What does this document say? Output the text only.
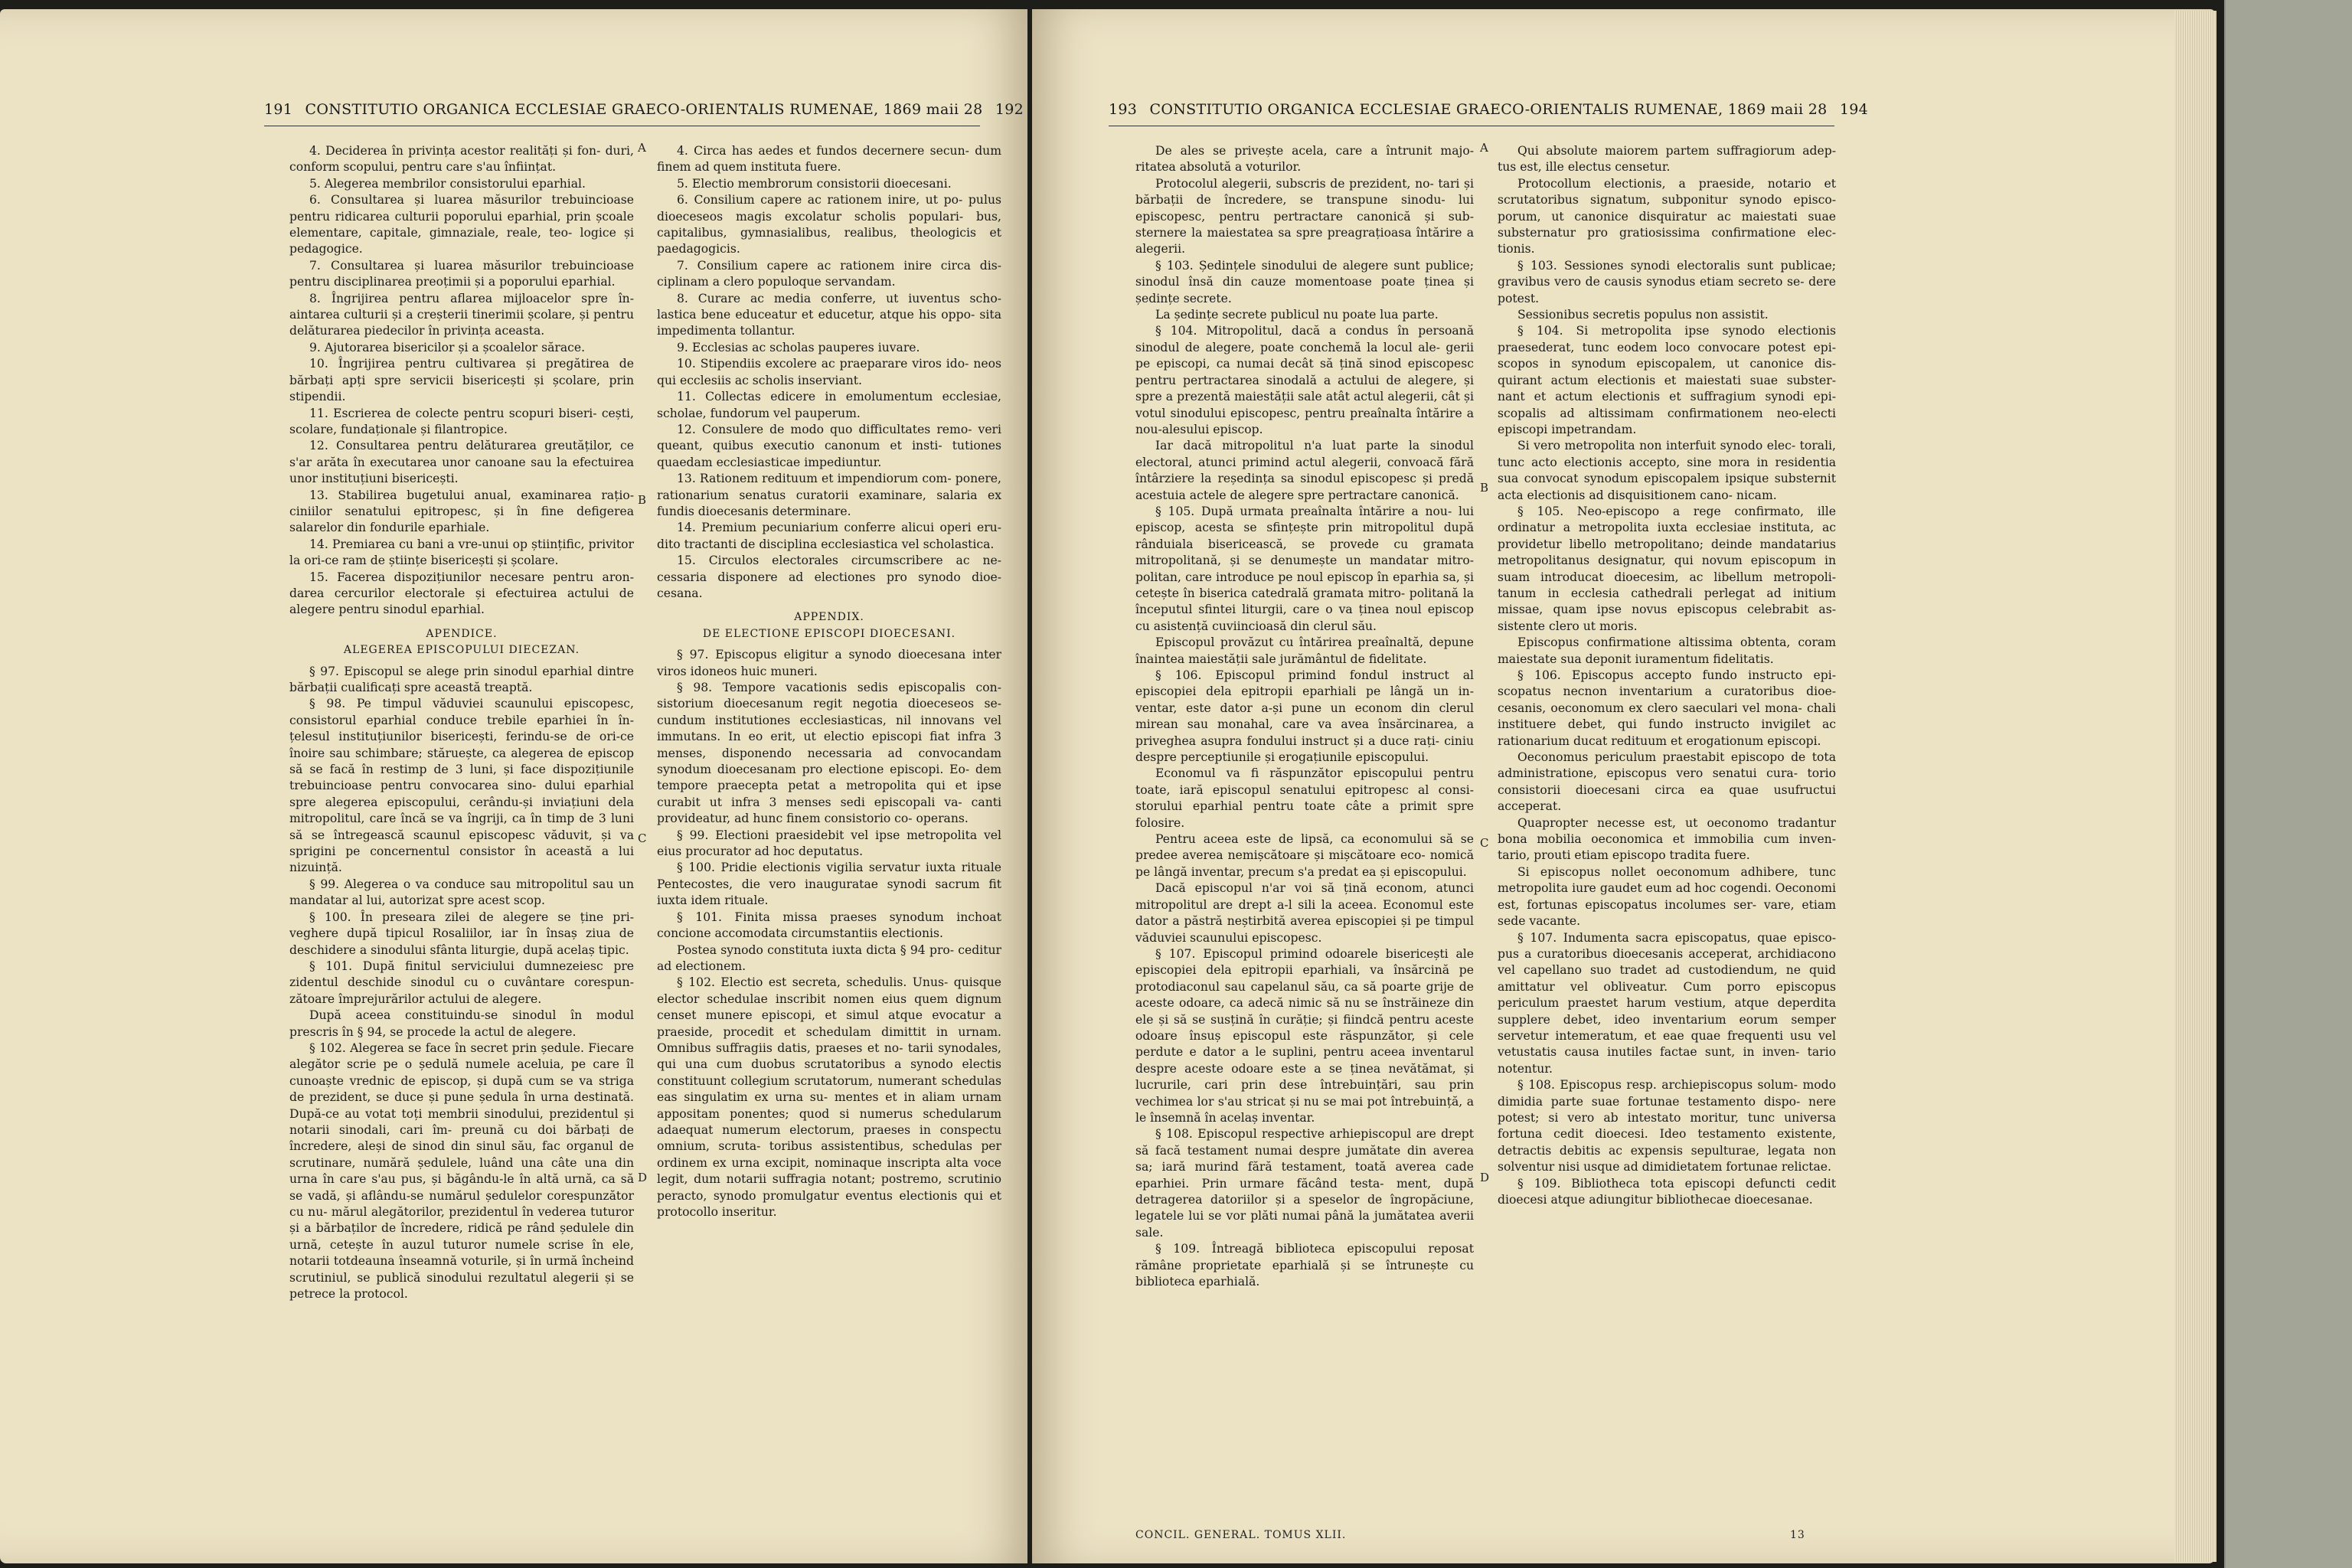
191 CONSTITUTIO ORGANICA ECCLESIAE GRAECO-ORIENTALIS RUMENAE, 1869 maii 28 192

4. Deciderea în privința acestor realități și fon- duri, conform scopului, pentru care s'au înființat.

5. Alegerea membrilor consistorului eparhial.

6. Consultarea și luarea măsurilor trebuincioase pentru ridicarea culturii poporului eparhial, prin școale elementare, capitale, gimnaziale, reale, teo- logice și pedagogice.

7. Consultarea și luarea măsurilor trebuincioase pentru disciplinarea preoțimii și a poporului eparhial.

8. Îngrijirea pentru aflarea mijloacelor spre în- aintarea culturii și a creșterii tinerimii școlare, și pentru delăturarea piedecilor în privința aceasta.

9. Ajutorarea bisericilor și a școalelor sărace.

10. Îngrijirea pentru cultivarea și pregătirea de bărbați apți spre servicii bisericești și școlare, prin stipendii.

11. Escrierea de colecte pentru scopuri biseri- cești, scolare, fundaționale și filantropice.

12. Consultarea pentru delăturarea greutăților, ce s'ar arăta în executarea unor canoane sau la efectuirea unor instituțiuni bisericești.

13. Stabilirea bugetului anual, examinarea rațio- ciniilor senatului epitropesc, și în fine defigerea salarelor din fondurile eparhiale.

14. Premiarea cu bani a vre-unui op științific, privitor la ori-ce ram de științe bisericești și școlare.

15. Facerea dispozițiunilor necesare pentru aron- darea cercurilor electorale și efectuirea actului de alegere pentru sinodul eparhial.

APENDICE.

ALEGEREA EPISCOPULUI DIECEZAN.

§ 97. Episcopul se alege prin sinodul eparhial dintre bărbații cualificați spre această treaptă.

§ 98. Pe timpul văduviei scaunului episcopesc, consistorul eparhial conduce trebile eparhiei în în- țelesul instituțiunilor bisericești, ferindu-se de ori-ce înoire sau schimbare; stăruește, ca alegerea de episcop să se facă în restimp de 3 luni, și face dispozițiunile trebuincioase pentru convocarea sino- dului eparhial spre alegerea episcopului, cerându-și inviațiuni dela mitropolitul, care încă se va îngriji, ca în timp de 3 luni să se întregească scaunul episcopesc văduvit, și va sprigini pe concernentul consistor în această a lui nizuință.

§ 99. Alegerea o va conduce sau mitropolitul sau un mandatar al lui, autorizat spre acest scop.

§ 100. În preseara zilei de alegere se ține pri- veghere după tipicul Rosaliilor, iar în însaș ziua de deschidere a sinodului sfânta liturgie, după acelaș tipic.

§ 101. După finitul serviciului dumnezeiesc pre zidentul deschide sinodul cu o cuvântare corespun- zătoare împrejurărilor actului de alegere.

După aceea constituindu-se sinodul în modul prescris în § 94, se procede la actul de alegere.

§ 102. Alegerea se face în secret prin ședule. Fiecare alegător scrie pe o ședulă numele aceluia, pe care îl cunoaște vrednic de episcop, și după cum se va striga de prezident, se duce și pune ședula în urna destinată. După-ce au votat toți membrii sinodului, prezidentul și notarii sinodali, cari îm- preună cu doi bărbați de încredere, aleși de sinod din sinul său, fac organul de scrutinare, numără ședulele, luând una câte una din urna în care s'au pus, și băgându-le în altă urnă, ca să se vadă, și aflându-se numărul ședulelor corespunzător cu nu- mărul alegătorilor, prezidentul în vederea tuturor și a bărbaților de încredere, ridică pe rând ședulele din urnă, cetește în auzul tuturor numele scrise în ele, notarii totdeauna înseamnă voturile, și în urmă încheind scrutiniul, se publică sinodului rezultatul alegerii și se petrece la protocol.

4. Circa has aedes et fundos decernere secun- dum finem ad quem instituta fuere.

5. Electio membrorum consistorii dioecesani.

6. Consilium capere ac rationem inire, ut po- pulus dioeceseos magis excolatur scholis populari- bus, capitalibus, gymnasialibus, realibus, theologicis et paedagogicis.

7. Consilium capere ac rationem inire circa dis- ciplinam a clero populoque servandam.

8. Curare ac media conferre, ut iuventus scho- lastica bene educeatur et educetur, atque his oppo- sita impedimenta tollantur.

9. Ecclesias ac scholas pauperes iuvare.

10. Stipendiis excolere ac praeparare viros ido- neos qui ecclesiis ac scholis inserviant.

11. Collectas edicere in emolumentum ecclesiae, scholae, fundorum vel pauperum.

12. Consulere de modo quo difficultates remo- veri queant, quibus executio canonum et insti- tutiones quaedam ecclesiasticae impediuntur.

13. Rationem redituum et impendiorum com- ponere, rationarium senatus curatorii examinare, salaria ex fundis dioecesanis determinare.

14. Premium pecuniarium conferre alicui operi eru- dito tractanti de disciplina ecclesiastica vel scholastica.

15. Circulos electorales circumscribere ac ne- cessaria disponere ad electiones pro synodo dioe- cesana.

APPENDIX.

DE ELECTIONE EPISCOPI DIOECESANI.

§ 97. Episcopus eligitur a synodo dioecesana inter viros idoneos huic muneri.

§ 98. Tempore vacationis sedis episcopalis con- sistorium dioecesanum regit negotia dioeceseos se- cundum institutiones ecclesiasticas, nil innovans vel immutans. In eo erit, ut electio episcopi fiat infra 3 menses, disponendo necessaria ad convocandam synodum dioecesanam pro electione episcopi. Eo- dem tempore praecepta petat a metropolita qui et ipse curabit ut infra 3 menses sedi episcopali va- canti provideatur, ad hunc finem consistorio co- operans.

§ 99. Electioni praesidebit vel ipse metropolita vel eius procurator ad hoc deputatus.

§ 100. Pridie electionis vigilia servatur iuxta rituale Pentecostes, die vero inauguratae synodi sacrum fit iuxta idem rituale.

§ 101. Finita missa praeses synodum inchoat concione accomodata circumstantiis electionis.

Postea synodo constituta iuxta dicta § 94 pro- ceditur ad electionem.

§ 102. Electio est secreta, schedulis. Unus- quisque elector schedulae inscribit nomen eius quem dignum censet munere episcopi, et simul atque evocatur a praeside, procedit et schedulam dimittit in urnam. Omnibus suffragiis datis, praeses et no- tarii synodales, qui una cum duobus scrutatoribus a synodo electis constituunt collegium scrutatorum, numerant schedulas eas singulatim ex urna su- mentes et in aliam urnam appositam ponentes; quod si numerus schedularum adaequat numerum electorum, praeses in conspectu omnium, scruta- toribus assistentibus, schedulas per ordinem ex urna excipit, nominaque inscripta alta voce legit, dum notarii suffragia notant; postremo, scrutinio peracto, synodo promulgatur eventus electionis qui et protocollo inseritur.

A
B
C
D
193 CONSTITUTIO ORGANICA ECCLESIAE GRAECO-ORIENTALIS RUMENAE, 1869 maii 28 194

De ales se privește acela, care a întrunit majo- ritatea absolută a voturilor.

Protocolul alegerii, subscris de prezident, no- tari și bărbații de încredere, se transpune sinodu- lui episcopesc, pentru pertractare canonică și sub- sternere la maiestatea sa spre preagrațioasa întărire a alegerii.

§ 103. Ședințele sinodului de alegere sunt publice; sinodul însă din cauze momentoase poate ținea și ședințe secrete.

La ședințe secrete publicul nu poate lua parte.

§ 104. Mitropolitul, dacă a condus în persoană sinodul de alegere, poate conchemă la locul ale- gerii pe episcopi, ca numai decât să țină sinod episcopesc pentru pertractarea sinodală a actului de alegere, și spre a prezentă maiestății sale atât actul alegerii, cât și votul sinodului episcopesc, pentru preaînalta întărire a nou-alesului episcop.

Iar dacă mitropolitul n'a luat parte la sinodul electoral, atunci primind actul alegerii, convoacă fără întârziere la reședința sa sinodul episcopesc și predă acestuia actele de alegere spre pertractare canonică.

§ 105. După urmata preaînalta întărire a nou- lui episcop, acesta se sfințește prin mitropolitul după rânduiala bisericească, se provede cu gramata mitropolitană, și se denumește un mandatar mitro- politan, care introduce pe noul episcop în eparhia sa, și cetește în biserica catedrală gramata mitro- politană la începutul sfintei liturgii, care o va ținea noul episcop cu asistență cuviincioasă din clerul său.

Episcopul provăzut cu întărirea preaînaltă, depune înaintea maiestății sale jurământul de fidelitate.

§ 106. Episcopul primind fondul instruct al episcopiei dela epitropii eparhiali pe lângă un in- ventar, este dator a-și pune un econom din clerul mirean sau monahal, care va avea însărcinarea, a priveghea asupra fondului instruct și a duce rați- ciniu despre perceptiunile și erogațiunile episcopului.

Economul va fi răspunzător episcopului pentru toate, iară episcopul senatului epitropesc al consi- storului eparhial pentru toate câte a primit spre folosire.

Pentru aceea este de lipsă, ca economului să se predee averea nemișcătoare și mișcătoare eco- nomică pe lângă inventar, precum s'a predat ea și episcopului.

Dacă episcopul n'ar voi să țină econom, atunci mitropolitul are drept a-l sili la aceea. Economul este dator a păstră neștirbită averea episcopiei și pe timpul văduviei scaunului episcopesc.

§ 107. Episcopul primind odoarele bisericești ale episcopiei dela epitropii eparhiali, va însărcină pe protodiaconul sau capelanul său, ca să poarte grije de aceste odoare, ca adecă nimic să nu se înstrăineze din ele și să se susțină în curăție; și fiindcă pentru aceste odoare însuș episcopul este răspunzător, și cele perdute e dator a le suplini, pentru aceea inventarul despre aceste odoare este a se ținea nevătămat, și lucrurile, cari prin dese întrebuințări, sau prin vechimea lor s'au stricat și nu se mai pot întrebuință, a le însemnă în acelaș inventar.

§ 108. Episcopul respective arhiepiscopul are drept să facă testament numai despre jumătate din averea sa; iară murind fără testament, toată averea cade eparhiei. Prin urmare făcând testa- ment, după detragerea datoriilor și a speselor de îngropăciune, legatele lui se vor plăti numai până la jumătatea averii sale.

§ 109. Întreagă biblioteca episcopului reposat rămâne proprietate eparhială și se întrunește cu biblioteca eparhială.

Qui absolute maiorem partem suffragiorum adep- tus est, ille electus censetur.

Protocollum electionis, a praeside, notario et scrutatoribus signatum, subponitur synodo episco- porum, ut canonice disquiratur ac maiestati suae substernatur pro gratiosissima confirmatione elec- tionis.

§ 103. Sessiones synodi electoralis sunt publicae; gravibus vero de causis synodus etiam secreto se- dere potest.

Sessionibus secretis populus non assistit.

§ 104. Si metropolita ipse synodo electionis praesederat, tunc eodem loco convocare potest epi- scopos in synodum episcopalem, ut canonice dis- quirant actum electionis et maiestati suae subster- nant et actum electionis et suffragium synodi epi- scopalis ad altissimam confirmationem neo-electi episcopi impetrandam.

Si vero metropolita non interfuit synodo elec- torali, tunc acto electionis accepto, sine mora in residentia sua convocat synodum episcopalem ipsique substernit acta electionis ad disquisitionem cano- nicam.

§ 105. Neo-episcopo a rege confirmato, ille ordinatur a metropolita iuxta ecclesiae instituta, ac providetur libello metropolitano; deinde mandatarius metropolitanus designatur, qui novum episcopum in suam introducat dioecesim, ac libellum metropoli- tanum in ecclesia cathedrali perlegat ad initium missae, quam ipse novus episcopus celebrabit as- sistente clero ut moris.

Episcopus confirmatione altissima obtenta, coram maiestate sua deponit iuramentum fidelitatis.

§ 106. Episcopus accepto fundo instructo epi- scopatus necnon inventarium a curatoribus dioe- cesanis, oeconomum ex clero saeculari vel mona- chali instituere debet, qui fundo instructo invigilet ac rationarium ducat redituum et erogationum episcopi.

Oeconomus periculum praestabit episcopo de tota administratione, episcopus vero senatui cura- torio consistorii dioecesani circa ea quae usufructui acceperat.

Quapropter necesse est, ut oeconomo tradantur bona mobilia oeconomica et immobilia cum inven- tario, prouti etiam episcopo tradita fuere.

Si episcopus nollet oeconomum adhibere, tunc metropolita iure gaudet eum ad hoc cogendi. Oeconomi est, fortunas episcopatus incolumes ser- vare, etiam sede vacante.

§ 107. Indumenta sacra episcopatus, quae episco- pus a curatoribus dioecesanis acceperat, archidiacono vel capellano suo tradet ad custodiendum, ne quid amittatur vel obliveatur. Cum porro episcopus periculum praestet harum vestium, atque deperdita supplere debet, ideo inventarium eorum semper servetur intemeratum, et eae quae frequenti usu vel vetustatis causa inutiles factae sunt, in inven- tario notentur.

§ 108. Episcopus resp. archiepiscopus solum- modo dimidia parte suae fortunae testamento dispo- nere potest; si vero ab intestato moritur, tunc universa fortuna cedit dioecesi. Ideo testamento existente, detractis debitis ac expensis sepulturae, legata non solventur nisi usque ad dimidietatem fortunae relictae.

§ 109. Bibliotheca tota episcopi defuncti cedit dioecesi atque adiungitur bibliothecae dioecesanae.

A
B
C
D
CONCIL. GENERAL. TOMUS XLII.	13
